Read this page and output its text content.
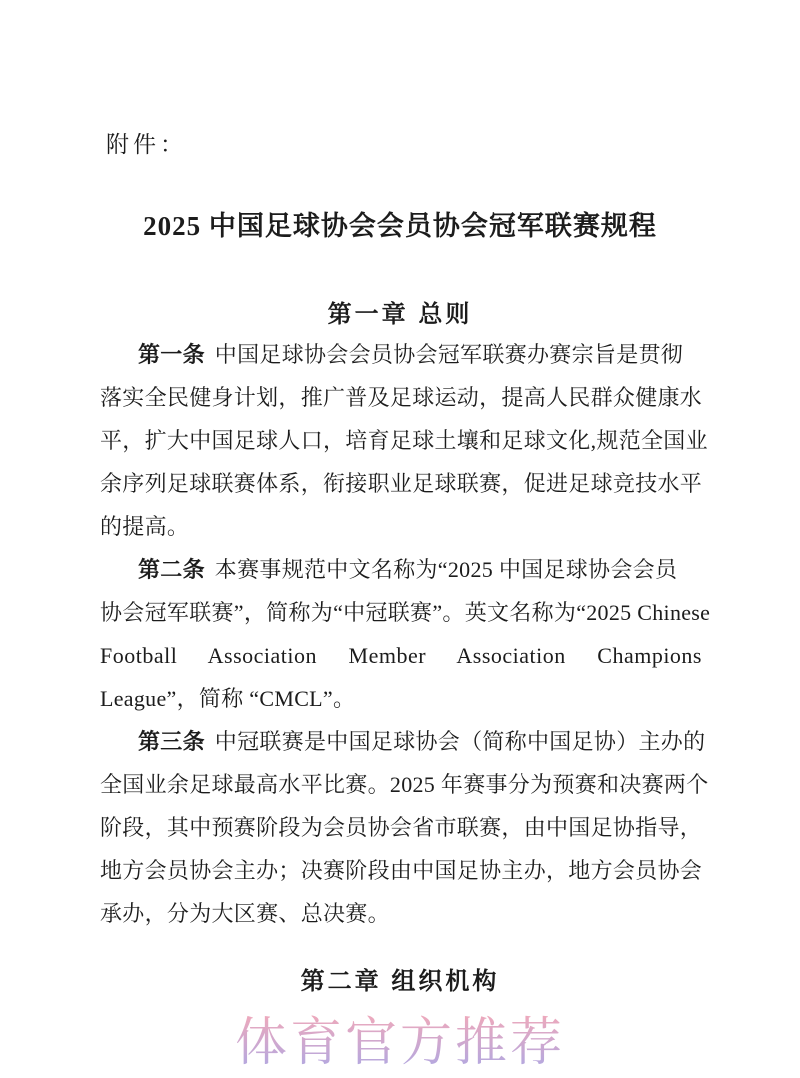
附件：
2025 中国足球协会会员协会冠军联赛规程
第一章 总则
第一条 中国足球协会会员协会冠军联赛办赛宗旨是贯彻
落实全民健身计划，推广普及足球运动，提高人民群众健康水
平，扩大中国足球人口，培育足球土壤和足球文化,规范全国业
余序列足球联赛体系，衔接职业足球联赛，促进足球竞技水平
的提高。
第二条 本赛事规范中文名称为“2025 中国足球协会会员
协会冠军联赛”，简称为“中冠联赛”。英文名称为“2025 Chinese
Football Association Member Association Champions
League”，简称 “CMCL”。
第三条 中冠联赛是中国足球协会（简称中国足协）主办的
全国业余足球最高水平比赛。2025 年赛事分为预赛和决赛两个
阶段，其中预赛阶段为会员协会省市联赛，由中国足协指导，
地方会员协会主办；决赛阶段由中国足协主办，地方会员协会
承办，分为大区赛、总决赛。
第二章 组织机构
体育官方推荐
